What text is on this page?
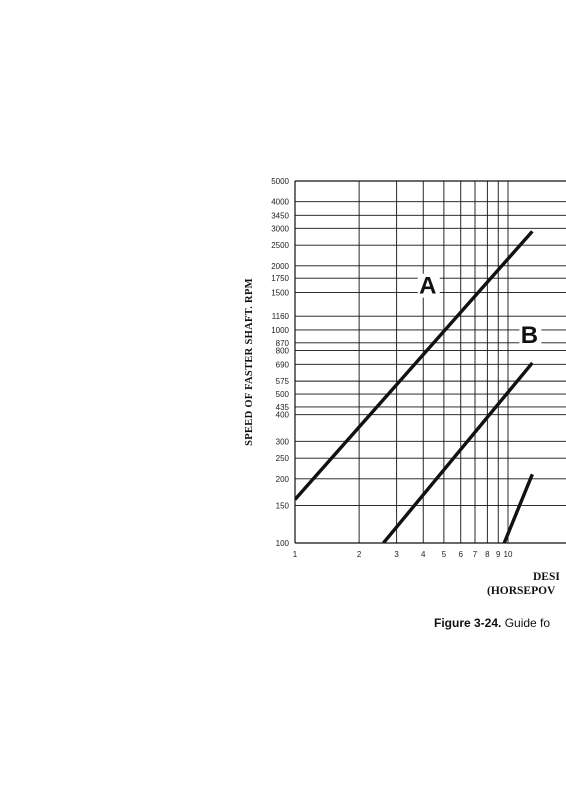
100
150
200
250
300
400
435
500
575
690
800
870
1000
1160
1500
1750
2000
2500
3000
3450
4000
5000
1	2	3	4 5 6 7 8 9 10
A
B
SPEED OF FASTER SHAFT. RPM
DESI
(HORSEPOV
Figure 3-24. Guide fo
